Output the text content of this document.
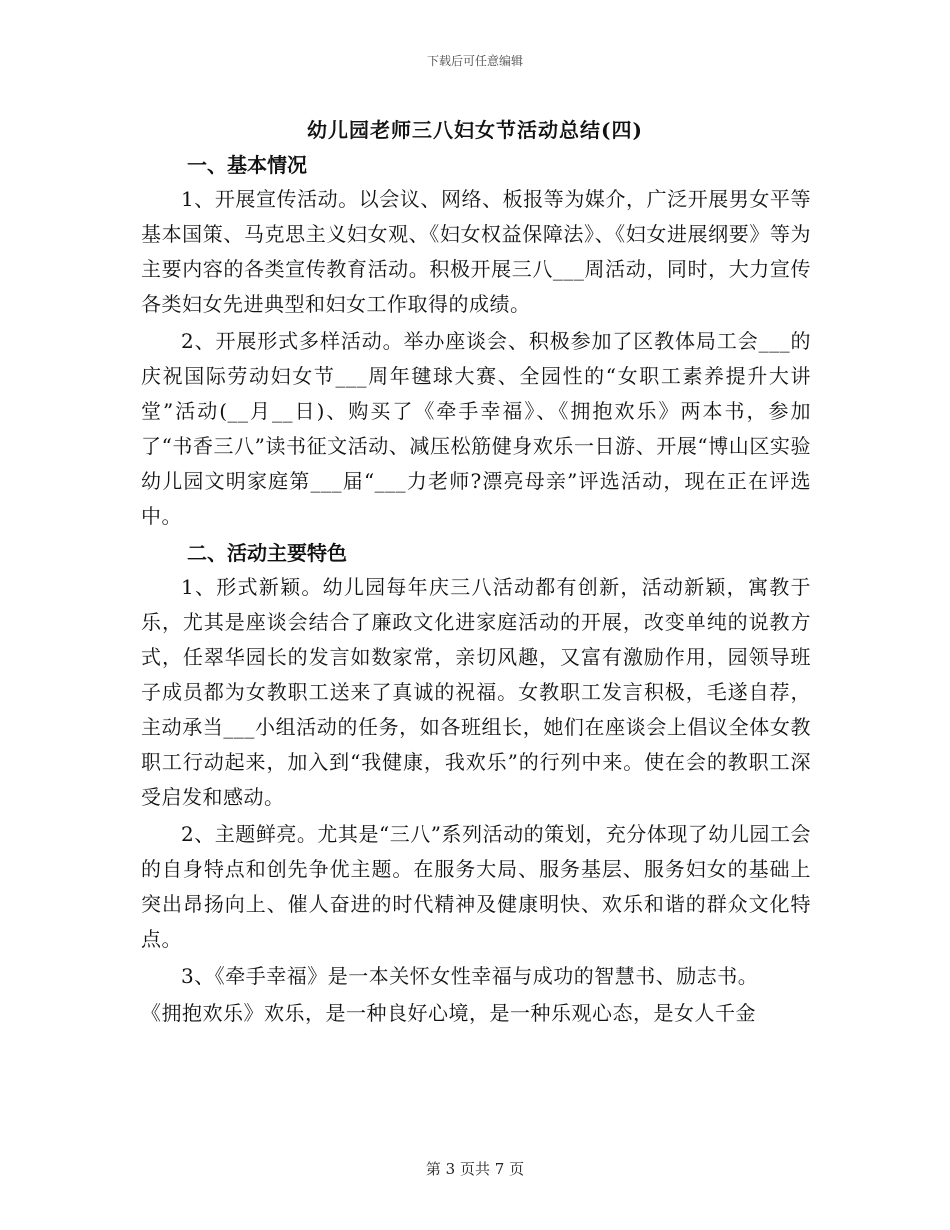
下载后可任意编辑
幼儿园老师三八妇女节活动总结(四)

一、基本情况

1、开展宣传活动。以会议、网络、板报等为媒介，广泛开展男女平等基本国策、马克思主义妇女观、《妇女权益保障法》、《妇女进展纲要》等为主要内容的各类宣传教育活动。积极开展三八___周活动，同时，大力宣传各类妇女先进典型和妇女工作取得的成绩。

2、开展形式多样活动。举办座谈会、积极参加了区教体局工会___的庆祝国际劳动妇女节___周年毽球大赛、全园性的“女职工素养提升大讲堂”活动(__月__日)、购买了《牵手幸福》、《拥抱欢乐》两本书，参加了“书香三八”读书征文活动、减压松筋健身欢乐一日游、开展“博山区实验幼儿园文明家庭第___届“___力老师?漂亮母亲”评选活动，现在正在评选中。

二、活动主要特色

1、形式新颖。幼儿园每年庆三八活动都有创新，活动新颖，寓教于乐，尤其是座谈会结合了廉政文化进家庭活动的开展，改变单纯的说教方式，任翠华园长的发言如数家常，亲切风趣，又富有激励作用，园领导班子成员都为女教职工送来了真诚的祝福。女教职工发言积极，毛遂自荐，主动承当___小组活动的任务，如各班组长，她们在座谈会上倡议全体女教职工行动起来，加入到“我健康，我欢乐”的行列中来。使在会的教职工深受启发和感动。

2、主题鲜亮。尤其是“三八”系列活动的策划，充分体现了幼儿园工会的自身特点和创先争优主题。在服务大局、服务基层、服务妇女的基础上突出昂扬向上、催人奋进的时代精神及健康明快、欢乐和谐的群众文化特点。

3、《牵手幸福》是一本关怀女性幸福与成功的智慧书、励志书。

《拥抱欢乐》欢乐，是一种良好心境，是一种乐观心态，是女人千金

第 3 页共 7 页
